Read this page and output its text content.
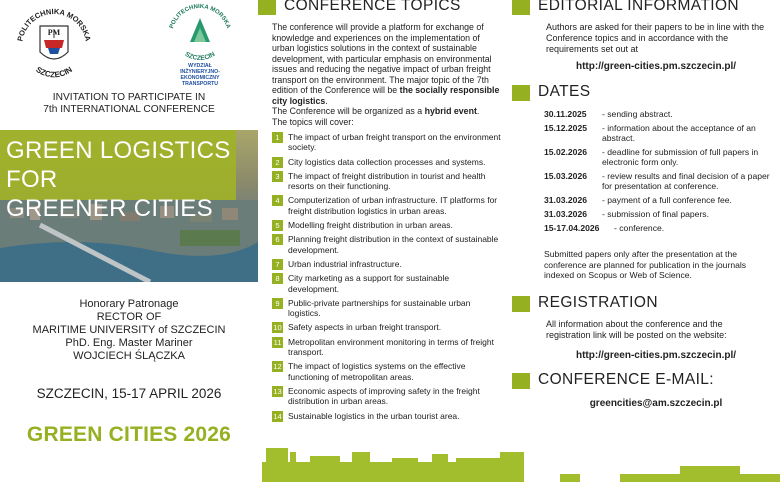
POLITECHNIKA MORSKA
SZCZECIN
PM
POLITECHNIKA MORSKA
SZCZECIN
WYDZIAŁ INŻYNIERYJNO-EKONOMICZNY TRANSPORTU
INVITATION TO PARTICIPATE IN
7th INTERNATIONAL CONFERENCE
GREEN LOGISTICS FOR
GREENER CITIES
Honorary Patronage
RECTOR OF
MARITIME UNIVERSITY of SZCZECIN
PhD. Eng. Master Mariner
WOJCIECH ŚLĄCZKA
SZCZECIN, 15-17 APRIL 2026
GREEN CITIES 2026
CONFERENCE TOPICS
The conference will provide a platform for exchange of knowledge and experiences on the implementation of urban logistics solutions in the context of sustainable development, with particular emphasis on environmental issues and reducing the negative impact of urban freight transport on the environment. The major topic of the 7th edition of the Conference will be the socially responsible city logistics.
The Conference will be organized as a hybrid event.
The topics will cover:
1 The impact of urban freight transport on the environment society.
2 City logistics data collection processes and systems.
3 The impact of freight distribution in tourist and health resorts on their functioning.
4 Computerization of urban infrastructure. IT platforms for freight distribution logistics in urban areas.
5 Modelling freight distribution in urban areas.
6 Planning freight distribution in the context of sustainable development.
7 Urban industrial infrastructure.
8 City marketing as a support for sustainable development.
9 Public-private partnerships for sustainable urban logistics.
10 Safety aspects in urban freight transport.
11 Metropolitan environment monitoring in terms of freight transport.
12 The impact of logistics systems on the effective functioning of metropolitan areas.
13 Economic aspects of improving safety in the freight distribution in urban areas.
14 Sustainable logistics in the urban tourist area.
EDITORIAL INFORMATION
Authors are asked for their papers to be in line with the Conference topics and in accordance with the requirements set out at
http://green-cities.pm.szczecin.pl/
DATES
30.11.2025	- sending abstract.
15.12.2025	- information about the acceptance of an abstract.
15.02.2026	- deadline for submission of full papers in electronic form only.
15.03.2026	- review results and final decision of a paper for presentation at conference.
31.03.2026	- payment of a full conference fee.
31.03.2026	- submission of final papers.
15-17.04.2026	- conference.
Submitted papers only after the presentation at the conference are planned for publication in the journals indexed on Scopus or Web of Science.
REGISTRATION
All information about the conference and the registration link will be posted on the website:
http://green-cities.pm.szczecin.pl/
CONFERENCE E-MAIL:
greencities@am.szczecin.pl
